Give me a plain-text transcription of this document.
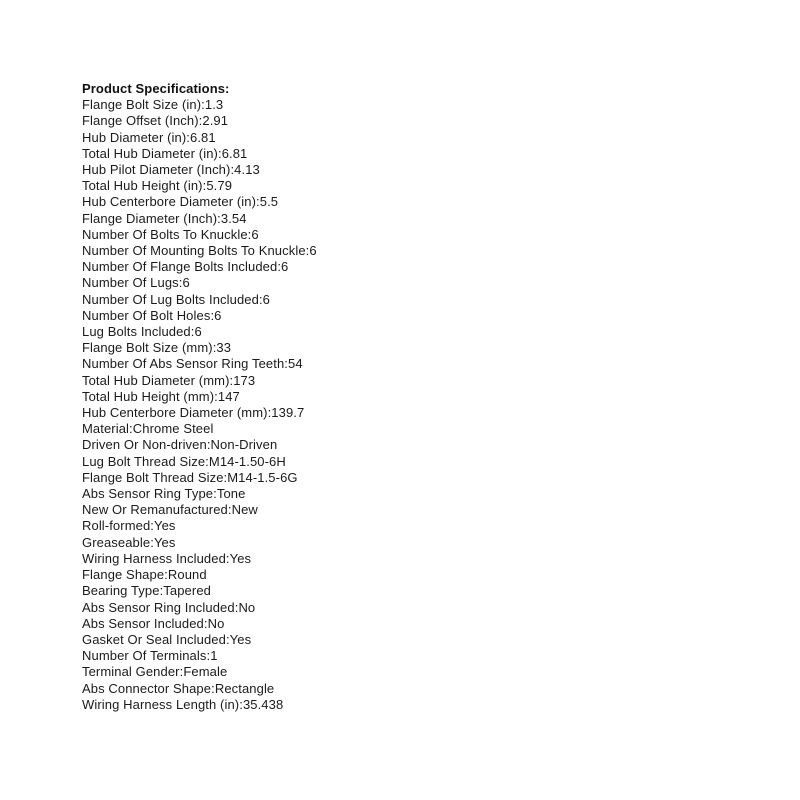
Product Specifications:
Flange Bolt Size (in):1.3
Flange Offset (Inch):2.91
Hub Diameter (in):6.81
Total Hub Diameter (in):6.81
Hub Pilot Diameter (Inch):4.13
Total Hub Height (in):5.79
Hub Centerbore Diameter (in):5.5
Flange Diameter (Inch):3.54
Number Of Bolts To Knuckle:6
Number Of Mounting Bolts To Knuckle:6
Number Of Flange Bolts Included:6
Number Of Lugs:6
Number Of Lug Bolts Included:6
Number Of Bolt Holes:6
Lug Bolts Included:6
Flange Bolt Size (mm):33
Number Of Abs Sensor Ring Teeth:54
Total Hub Diameter (mm):173
Total Hub Height (mm):147
Hub Centerbore Diameter (mm):139.7
Material:Chrome Steel
Driven Or Non-driven:Non-Driven
Lug Bolt Thread Size:M14-1.50-6H
Flange Bolt Thread Size:M14-1.5-6G
Abs Sensor Ring Type:Tone
New Or Remanufactured:New
Roll-formed:Yes
Greaseable:Yes
Wiring Harness Included:Yes
Flange Shape:Round
Bearing Type:Tapered
Abs Sensor Ring Included:No
Abs Sensor Included:No
Gasket Or Seal Included:Yes
Number Of Terminals:1
Terminal Gender:Female
Abs Connector Shape:Rectangle
Wiring Harness Length (in):35.438
